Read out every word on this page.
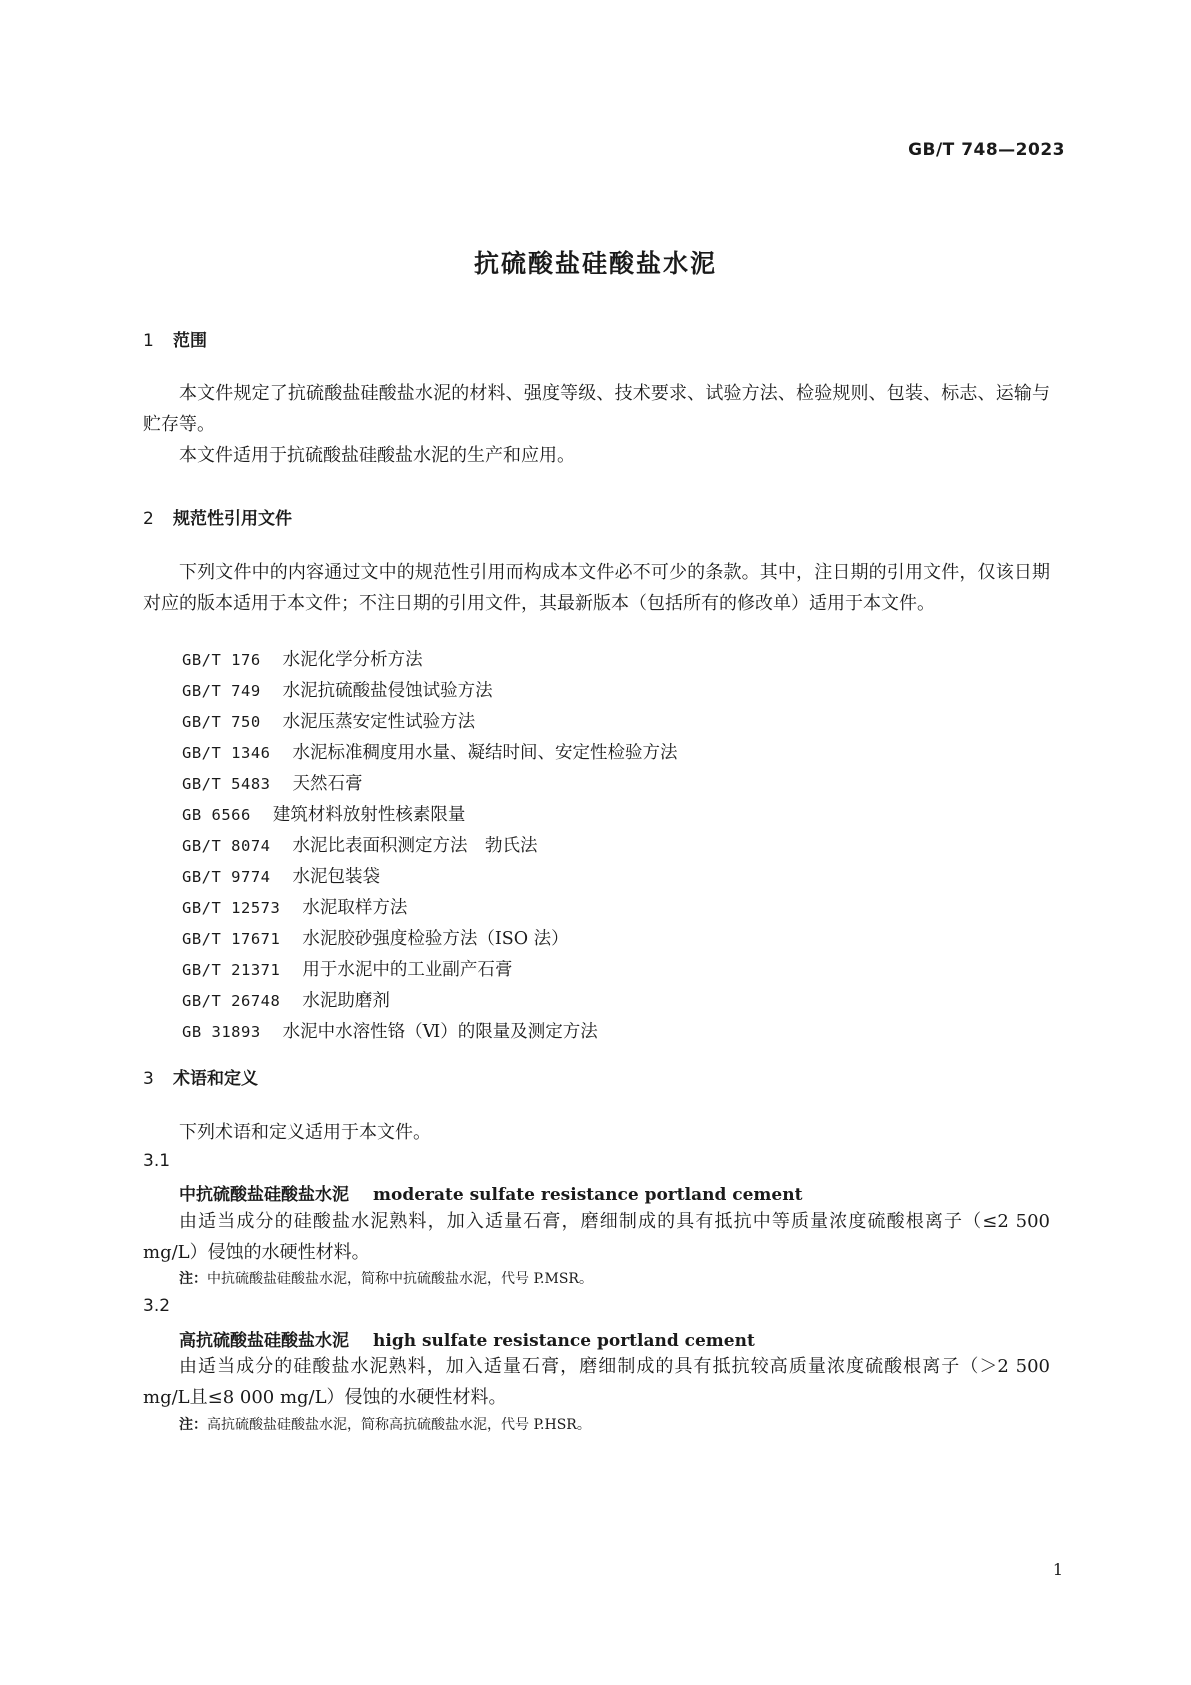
GB/T 748—2023
抗硫酸盐硅酸盐水泥
1 范围

本文件规定了抗硫酸盐硅酸盐水泥的材料、强度等级、技术要求、试验方法、检验规则、包装、标志、运输与贮存等。

本文件适用于抗硫酸盐硅酸盐水泥的生产和应用。

2 规范性引用文件

下列文件中的内容通过文中的规范性引用而构成本文件必不可少的条款。其中，注日期的引用文件，仅该日期对应的版本适用于本文件；不注日期的引用文件，其最新版本（包括所有的修改单）适用于本文件。

GB/T 176 水泥化学分析方法
GB/T 749 水泥抗硫酸盐侵蚀试验方法
GB/T 750 水泥压蒸安定性试验方法
GB/T 1346 水泥标准稠度用水量、凝结时间、安定性检验方法
GB/T 5483 天然石膏
GB 6566 建筑材料放射性核素限量
GB/T 8074 水泥比表面积测定方法　勃氏法
GB/T 9774 水泥包装袋
GB/T 12573 水泥取样方法
GB/T 17671 水泥胶砂强度检验方法（ISO 法）
GB/T 21371 用于水泥中的工业副产石膏
GB/T 26748 水泥助磨剂
GB 31893 水泥中水溶性铬（Ⅵ）的限量及测定方法
3 术语和定义

下列术语和定义适用于本文件。

3.1
中抗硫酸盐硅酸盐水泥 moderate sulfate resistance portland cement

由适当成分的硅酸盐水泥熟料，加入适量石膏，磨细制成的具有抵抗中等质量浓度硫酸根离子（≤2 500 mg/L）侵蚀的水硬性材料。

注：中抗硫酸盐硅酸盐水泥，简称中抗硫酸盐水泥，代号 P.MSR。
3.2
高抗硫酸盐硅酸盐水泥 high sulfate resistance portland cement

由适当成分的硅酸盐水泥熟料，加入适量石膏，磨细制成的具有抵抗较高质量浓度硫酸根离子（＞2 500 mg/L且≤8 000 mg/L）侵蚀的水硬性材料。

注：高抗硫酸盐硅酸盐水泥，简称高抗硫酸盐水泥，代号 P.HSR。
1
